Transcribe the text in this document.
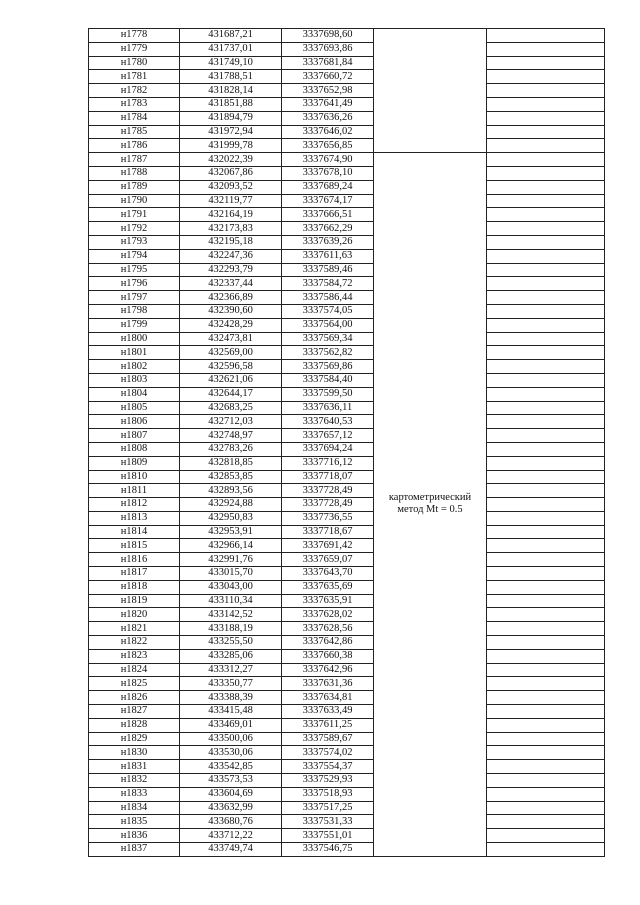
н1778	431687,21	3337698,60		
н1779	431737,01	3337693,86		
н1780	431749,10	3337681,84		
н1781	431788,51	3337660,72		
н1782	431828,14	3337652,98		
н1783	431851,88	3337641,49		
н1784	431894,79	3337636,26		
н1785	431972,94	3337646,02		
н1786	431999,78	3337656,85		
н1787	432022,39	3337674,90	картометрический
метод Mt = 0.5	

н1788	432067,86	3337678,10		
н1789	432093,52	3337689,24		
н1790	432119,77	3337674,17		
н1791	432164,19	3337666,51		
н1792	432173,83	3337662,29		
н1793	432195,18	3337639,26		
н1794	432247,36	3337611,63		
н1795	432293,79	3337589,46		
н1796	432337,44	3337584,72		
н1797	432366,89	3337586,44		
н1798	432390,60	3337574,05		
н1799	432428,29	3337564,00		
н1800	432473,81	3337569,34		
н1801	432569,00	3337562,82		
н1802	432596,58	3337569,86		
н1803	432621,06	3337584,40		
н1804	432644,17	3337599,50		
н1805	432683,25	3337636,11		
н1806	432712,03	3337640,53		
н1807	432748,97	3337657,12		
н1808	432783,26	3337694,24		
н1809	432818,85	3337716,12		
н1810	432853,85	3337718,07		
н1811	432893,56	3337728,49		
н1812	432924,88	3337728,49		
н1813	432950,83	3337736,55		
н1814	432953,91	3337718,67		
н1815	432966,14	3337691,42		
н1816	432991,76	3337659,07		
н1817	433015,70	3337643,70		
н1818	433043,00	3337635,69		
н1819	433110,34	3337635,91		
н1820	433142,52	3337628,02		
н1821	433188,19	3337628,56		
н1822	433255,50	3337642,86		
н1823	433285,06	3337660,38		
н1824	433312,27	3337642,96		
н1825	433350,77	3337631,36		
н1826	433388,39	3337634,81		
н1827	433415,48	3337633,49		
н1828	433469,01	3337611,25		
н1829	433500,06	3337589,67		
н1830	433530,06	3337574,02		
н1831	433542,85	3337554,37		
н1832	433573,53	3337529,93		
н1833	433604,69	3337518,93		
н1834	433632,99	3337517,25		
н1835	433680,76	3337531,33		
н1836	433712,22	3337551,01		
н1837	433749,74	3337546,75		
